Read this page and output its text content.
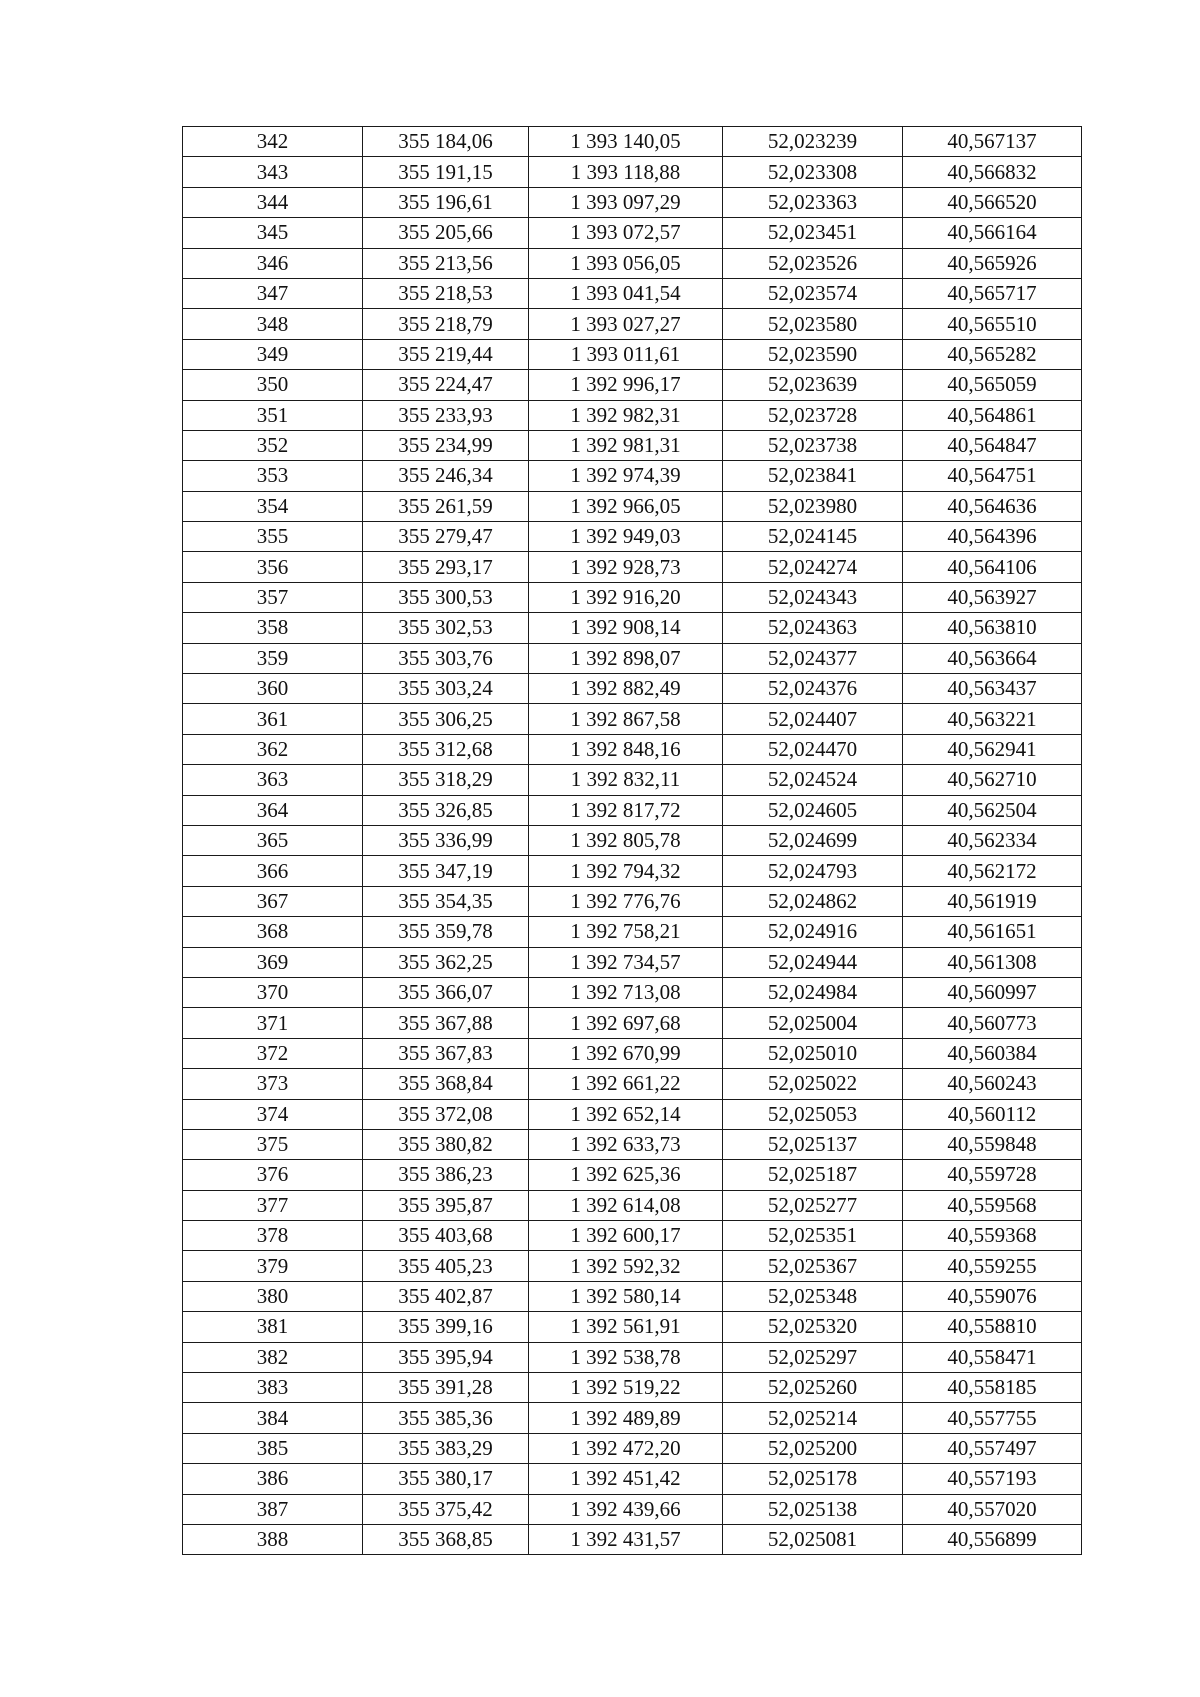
342	355 184,06	1 393 140,05	52,023239	40,567137
343	355 191,15	1 393 118,88	52,023308	40,566832
344	355 196,61	1 393 097,29	52,023363	40,566520
345	355 205,66	1 393 072,57	52,023451	40,566164
346	355 213,56	1 393 056,05	52,023526	40,565926
347	355 218,53	1 393 041,54	52,023574	40,565717
348	355 218,79	1 393 027,27	52,023580	40,565510
349	355 219,44	1 393 011,61	52,023590	40,565282
350	355 224,47	1 392 996,17	52,023639	40,565059
351	355 233,93	1 392 982,31	52,023728	40,564861
352	355 234,99	1 392 981,31	52,023738	40,564847
353	355 246,34	1 392 974,39	52,023841	40,564751
354	355 261,59	1 392 966,05	52,023980	40,564636
355	355 279,47	1 392 949,03	52,024145	40,564396
356	355 293,17	1 392 928,73	52,024274	40,564106
357	355 300,53	1 392 916,20	52,024343	40,563927
358	355 302,53	1 392 908,14	52,024363	40,563810
359	355 303,76	1 392 898,07	52,024377	40,563664
360	355 303,24	1 392 882,49	52,024376	40,563437
361	355 306,25	1 392 867,58	52,024407	40,563221
362	355 312,68	1 392 848,16	52,024470	40,562941
363	355 318,29	1 392 832,11	52,024524	40,562710
364	355 326,85	1 392 817,72	52,024605	40,562504
365	355 336,99	1 392 805,78	52,024699	40,562334
366	355 347,19	1 392 794,32	52,024793	40,562172
367	355 354,35	1 392 776,76	52,024862	40,561919
368	355 359,78	1 392 758,21	52,024916	40,561651
369	355 362,25	1 392 734,57	52,024944	40,561308
370	355 366,07	1 392 713,08	52,024984	40,560997
371	355 367,88	1 392 697,68	52,025004	40,560773
372	355 367,83	1 392 670,99	52,025010	40,560384
373	355 368,84	1 392 661,22	52,025022	40,560243
374	355 372,08	1 392 652,14	52,025053	40,560112
375	355 380,82	1 392 633,73	52,025137	40,559848
376	355 386,23	1 392 625,36	52,025187	40,559728
377	355 395,87	1 392 614,08	52,025277	40,559568
378	355 403,68	1 392 600,17	52,025351	40,559368
379	355 405,23	1 392 592,32	52,025367	40,559255
380	355 402,87	1 392 580,14	52,025348	40,559076
381	355 399,16	1 392 561,91	52,025320	40,558810
382	355 395,94	1 392 538,78	52,025297	40,558471
383	355 391,28	1 392 519,22	52,025260	40,558185
384	355 385,36	1 392 489,89	52,025214	40,557755
385	355 383,29	1 392 472,20	52,025200	40,557497
386	355 380,17	1 392 451,42	52,025178	40,557193
387	355 375,42	1 392 439,66	52,025138	40,557020
388	355 368,85	1 392 431,57	52,025081	40,556899
